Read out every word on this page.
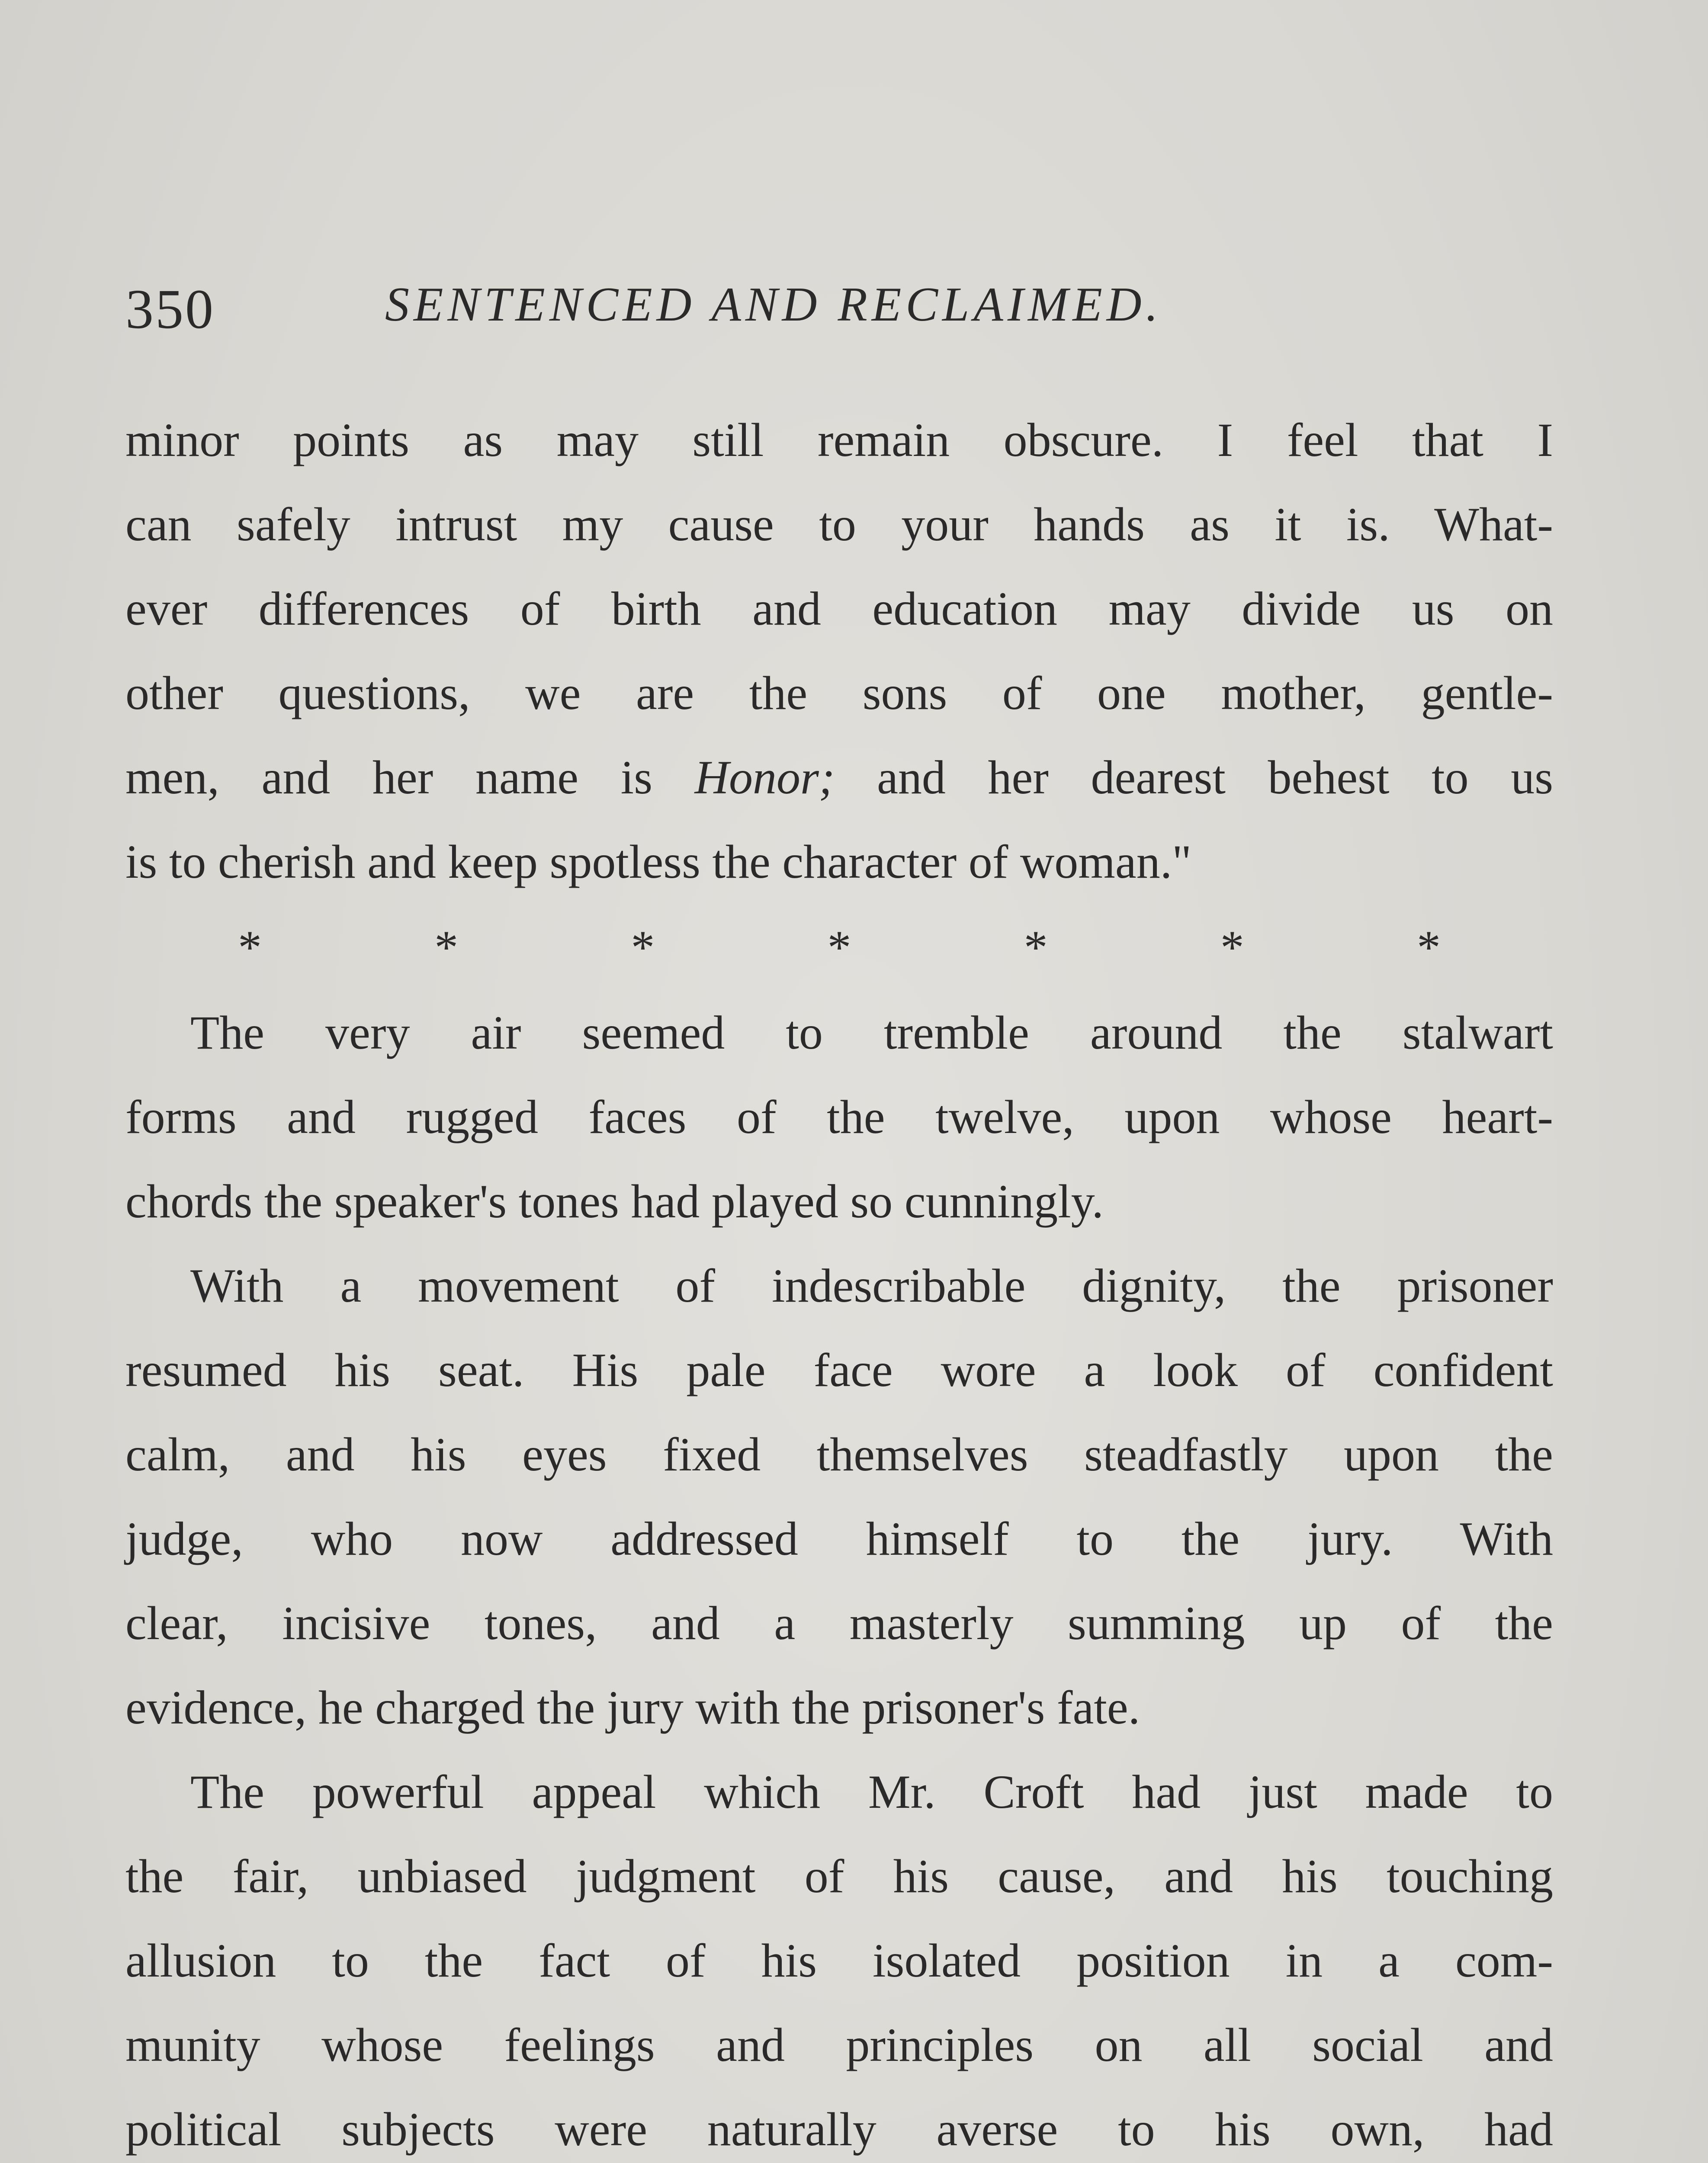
350	SENTENCED AND RECLAIMED.
minor points as may still remain obscure. I feel that I
can safely intrust my cause to your hands as it is. What-
ever differences of birth and education may divide us on
other questions, we are the sons of one mother, gentle-
men, and her name is Honor; and her dearest behest to us
is to cherish and keep spotless the character of woman."
*	*	*	*	*	*	*
The very air seemed to tremble around the stalwart
forms and rugged faces of the twelve, upon whose heart-
chords the speaker's tones had played so cunningly.
With a movement of indescribable dignity, the prisoner
resumed his seat. His pale face wore a look of confident
calm, and his eyes fixed themselves steadfastly upon the
judge, who now addressed himself to the jury. With
clear, incisive tones, and a masterly summing up of the
evidence, he charged the jury with the prisoner's fate.
The powerful appeal which Mr. Croft had just made to
the fair, unbiased judgment of his cause, and his touching
allusion to the fact of his isolated position in a com-
munity whose feelings and principles on all social and
political subjects were naturally averse to his own, had
